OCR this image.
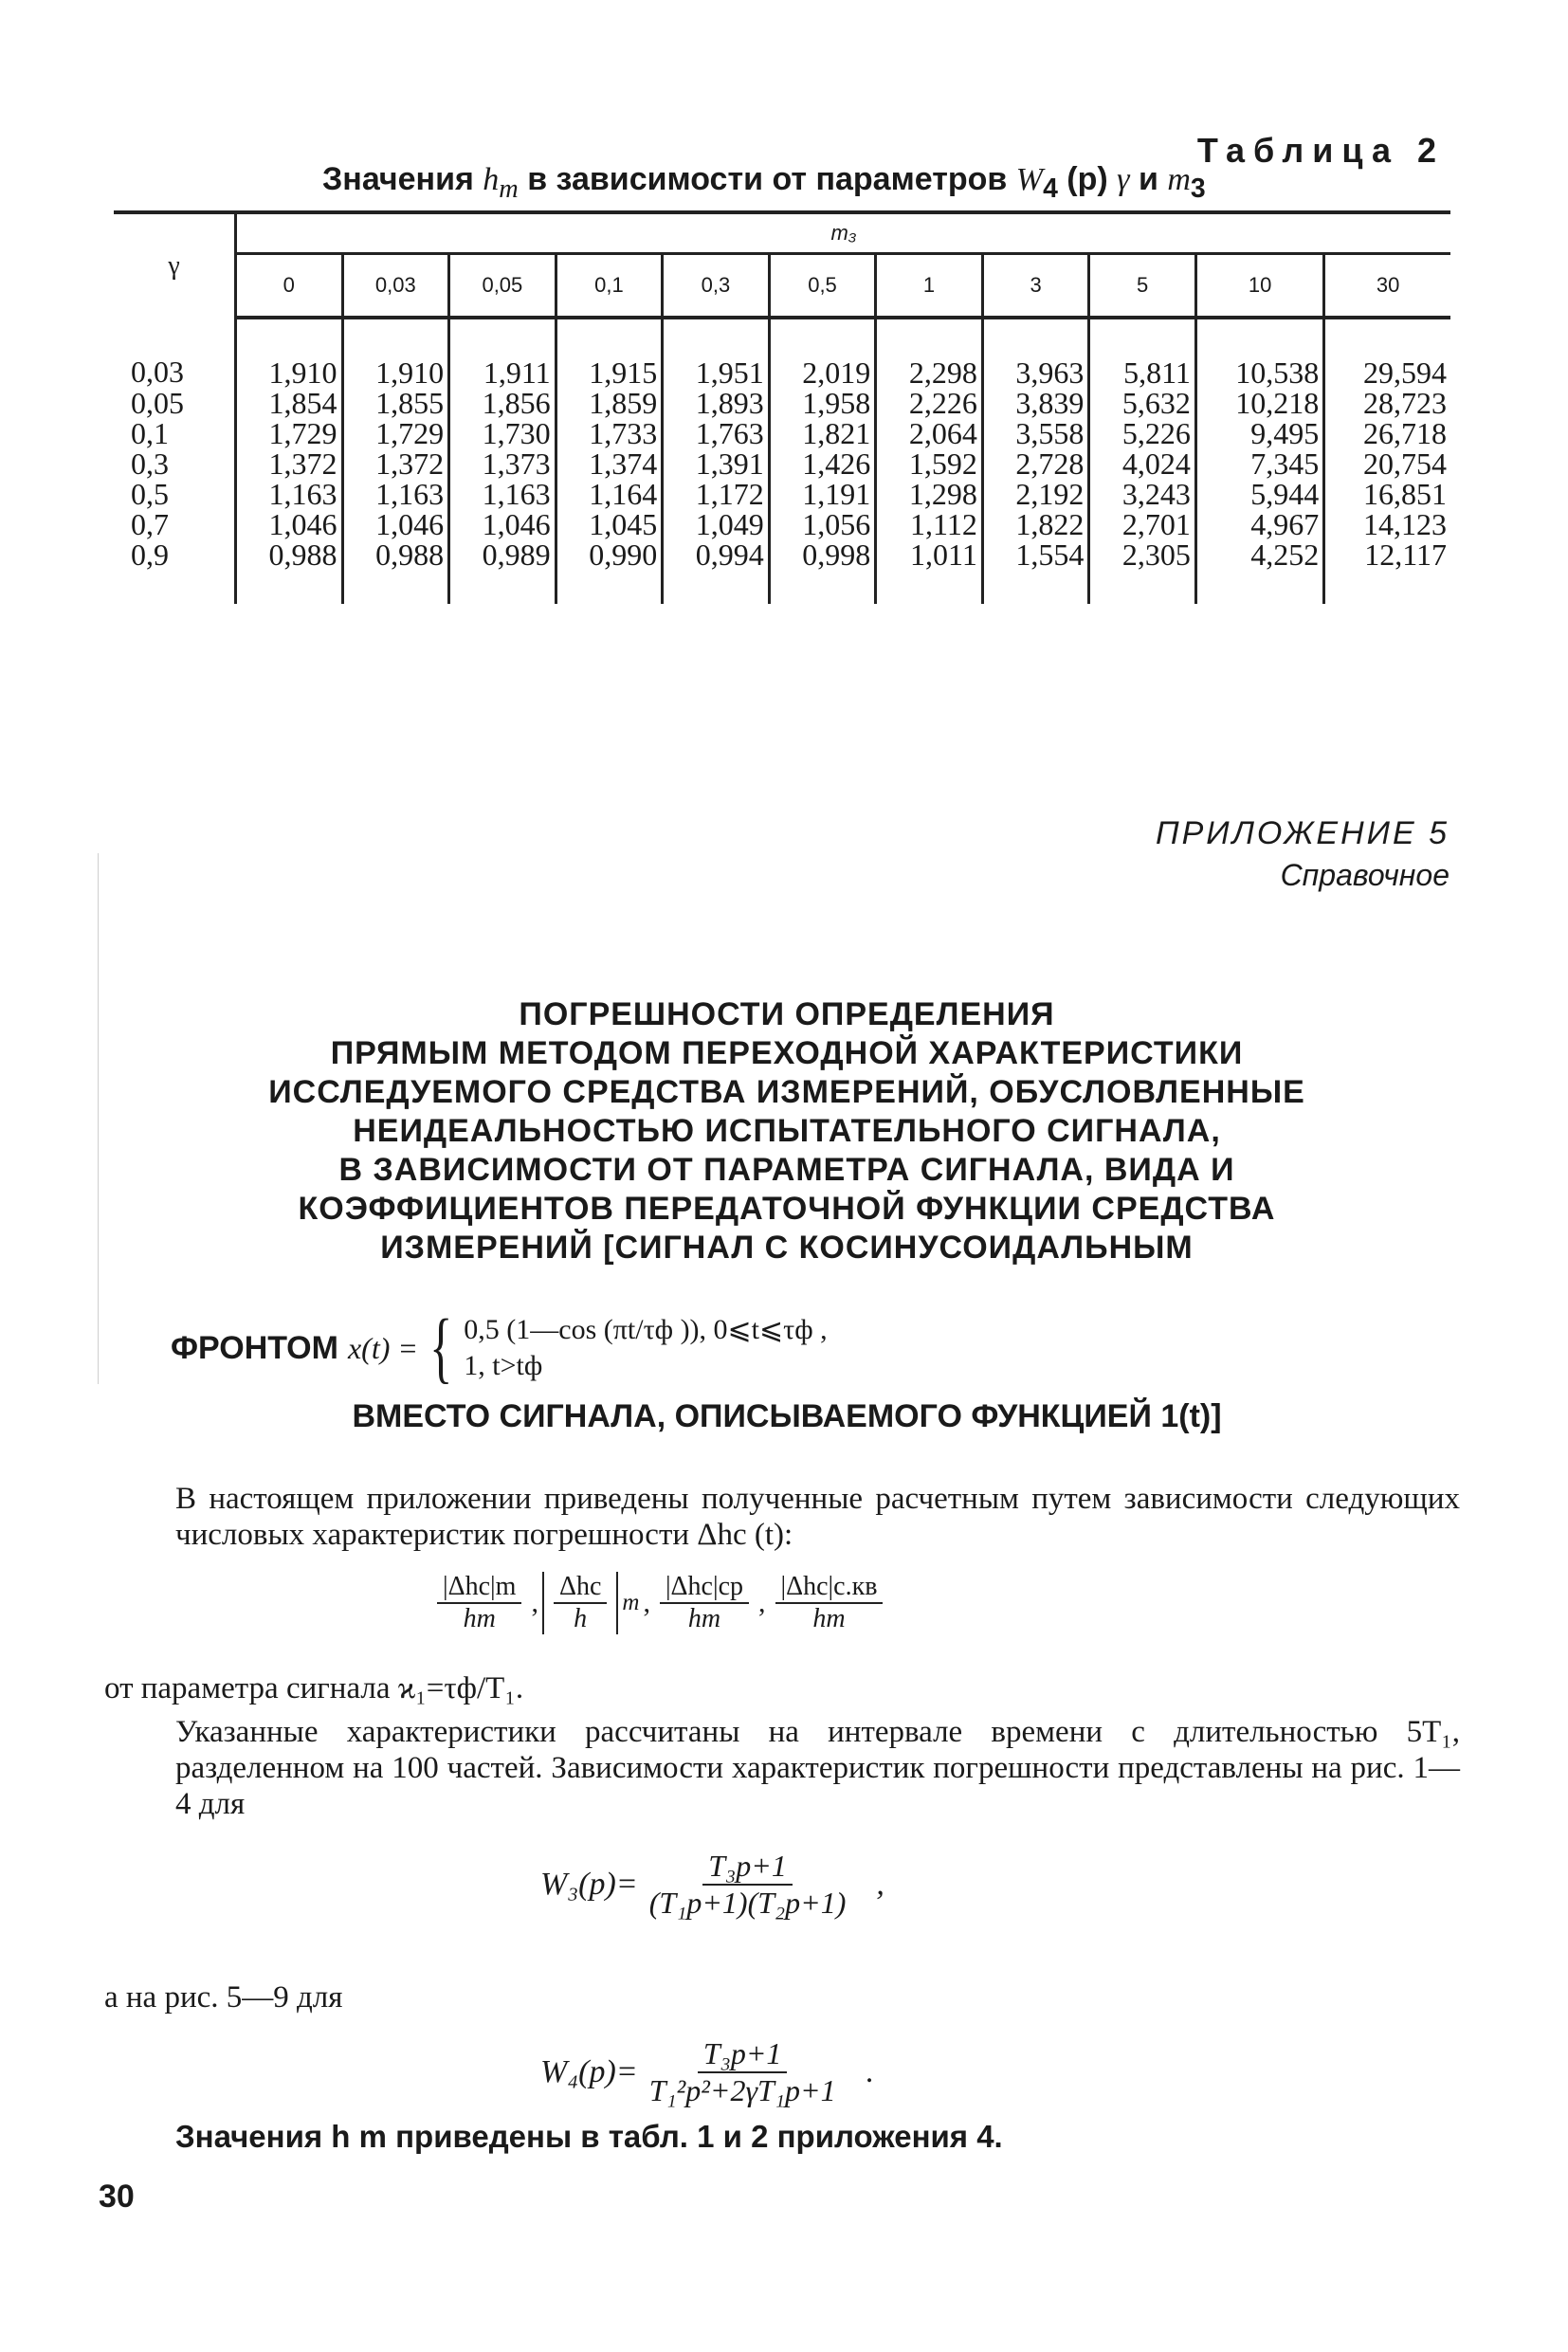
Таблица 2
Значения $h_m$ в зависимости от параметров $W_4$ (p) γ и $m_3$
γ	m₃										
	0	0,03	0,05	0,1	0,3	0,5	1	3	5	10	30
0,03	1,910	1,910	1,911	1,915	1,951	2,019	2,298	3,963	5,811	10,538	29,594
0,05	1,854	1,855	1,856	1,859	1,893	1,958	2,226	3,839	5,632	10,218	28,723
0,1	1,729	1,729	1,730	1,733	1,763	1,821	2,064	3,558	5,226	9,495	26,718
0,3	1,372	1,372	1,373	1,374	1,391	1,426	1,592	2,728	4,024	7,345	20,754
0,5	1,163	1,163	1,163	1,164	1,172	1,191	1,298	2,192	3,243	5,944	16,851
0,7	1,046	1,046	1,046	1,045	1,049	1,056	1,112	1,822	2,701	4,967	14,123
0,9	0,988	0,988	0,989	0,990	0,994	0,998	1,011	1,554	2,305	4,252	12,117
ПРИЛОЖЕНИЕ 5
Справочное
ПОГРЕШНОСТИ ОПРЕДЕЛЕНИЯ
ПРЯМЫМ МЕТОДОМ ПЕРЕХОДНОЙ ХАРАКТЕРИСТИКИ
ИССЛЕДУЕМОГО СРЕДСТВА ИЗМЕРЕНИЙ, ОБУСЛОВЛЕННЫЕ
НЕИДЕАЛЬНОСТЬЮ ИСПЫТАТЕЛЬНОГО СИГНАЛА,
В ЗАВИСИМОСТИ ОТ ПАРАМЕТРА СИГНАЛА, ВИДА И
КОЭФФИЦИЕНТОВ ПЕРЕДАТОЧНОЙ ФУНКЦИИ СРЕДСТВА
ИЗМЕРЕНИЙ [СИГНАЛ С КОСИНУСОИДАЛЬНЫМ
ФРОНТОМ x(t) = { 0,5 (1—cos (πt/τф )), 0⩽t⩽τф ,
1, t>tф
ВМЕСТО СИГНАЛА, ОПИСЫВАЕМОГО ФУНКЦИЕЙ 1(t)]
В настоящем приложении приведены полученные расчетным путем зависимости следующих числовых характеристик погрешности Δhc (t):
|Δhc|m
hm
,
Δhc
h
m ,
|Δhc|ср
hm
,
|Δhc|с.кв
hm
от параметра сигнала ϰ₁=τф/T₁.
Указанные характеристики рассчитаны на интервале времени с длительностью 5T₁, разделенном на 100 частей. Зависимости характеристик погрешности представлены на рис. 1—4 для
$W_3(p)= \frac{\text{T₃p+1}}{\text{(T₁p+1)(T₂p+1)}}$ ,
а на рис. 5—9 для
$W_4(p)= \frac{\text{T₃p+1}}{\text{T₁²p²+2γT₁p+1}}$ .
Значения h m приведены в табл. 1 и 2 приложения 4.
30
